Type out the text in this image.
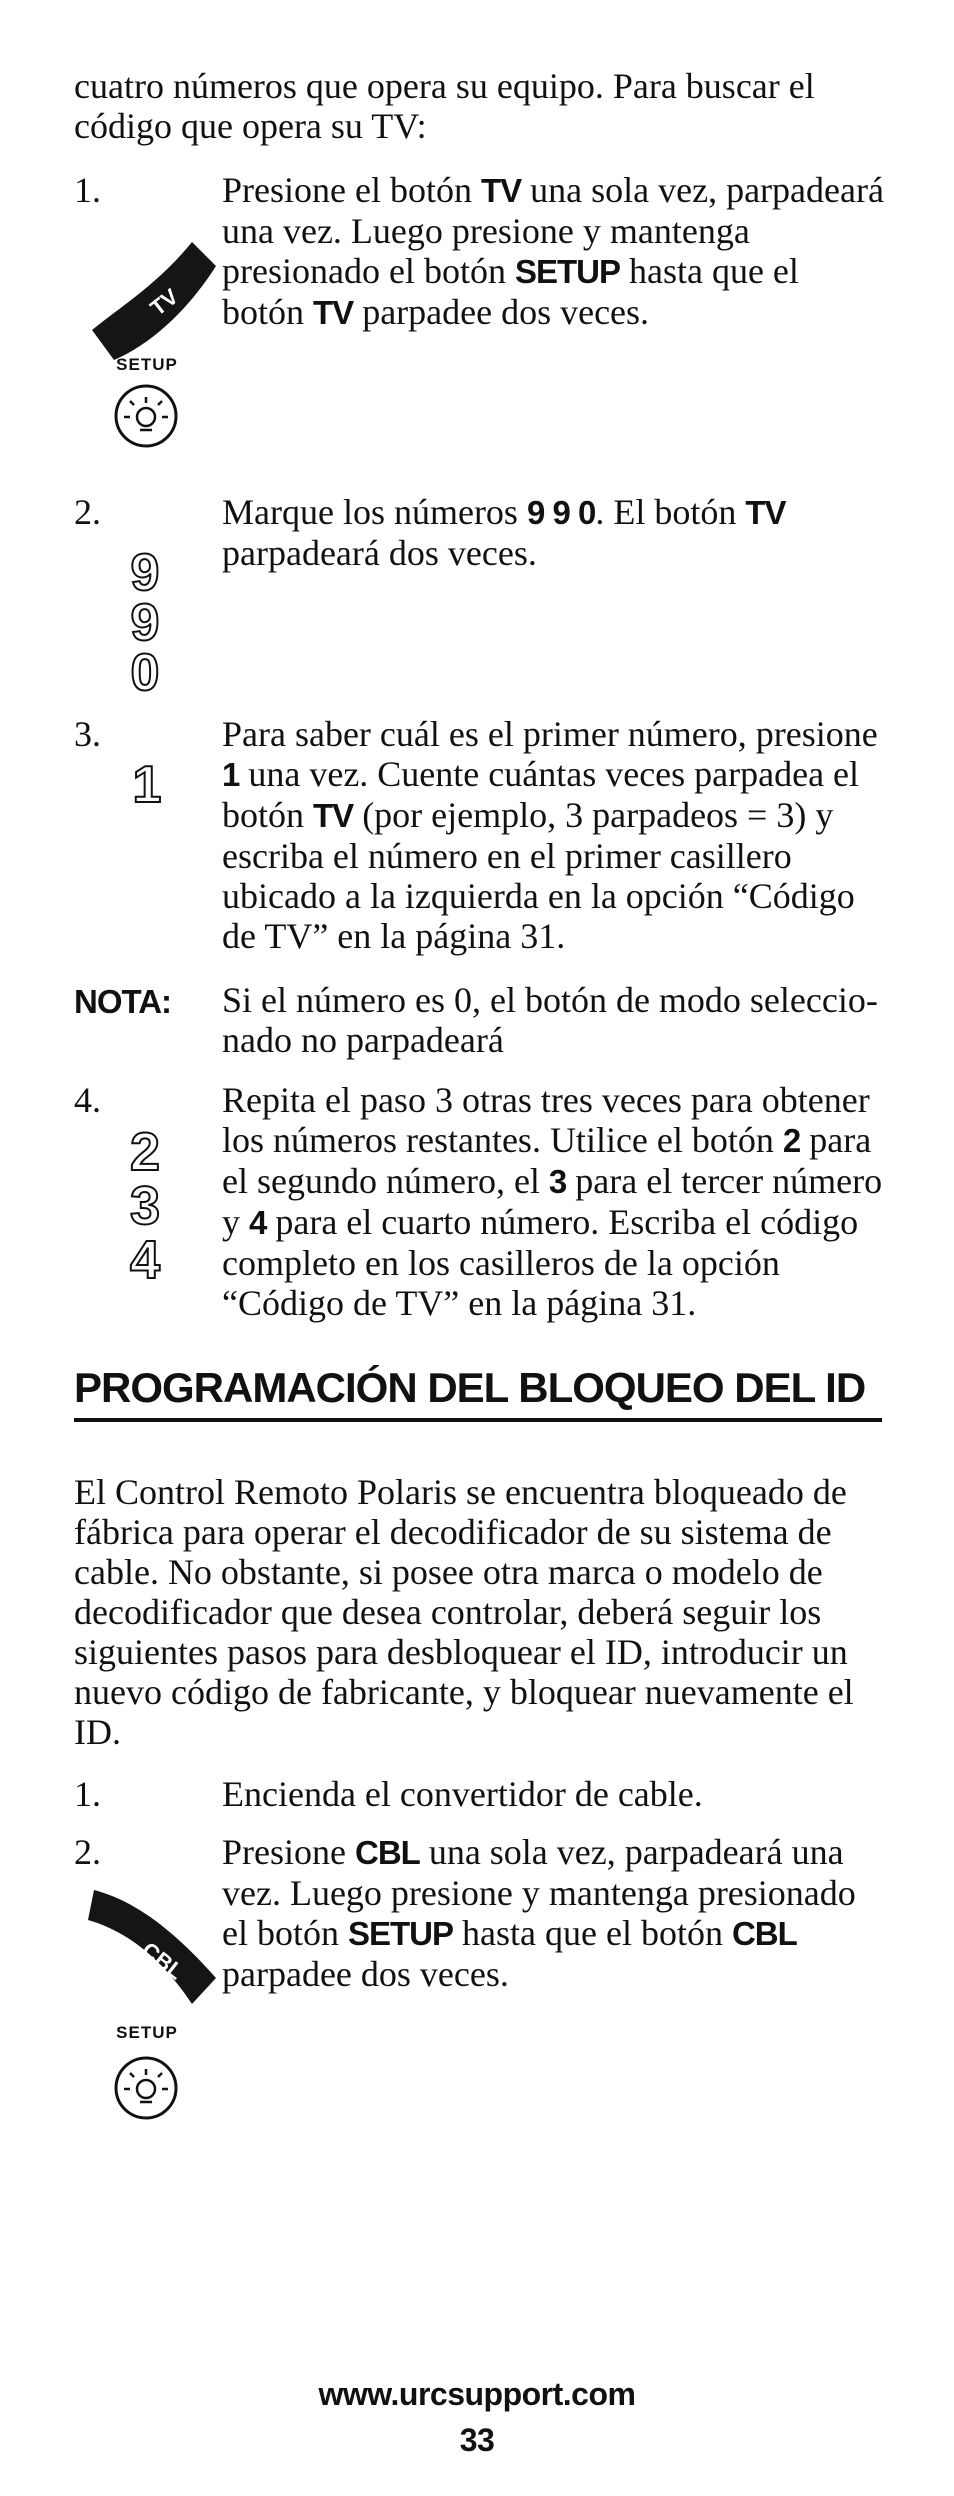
cuatro números que opera su equipo. Para buscar el código que opera su TV:

1.	Presione el botón TV una sola vez, parpadeará una vez. Luego presione y mantenga presionado el botón SETUP hasta que el botón TV parpadee dos veces.

2.	Marque los números 9 9 0. El botón TV parpadeará dos veces.

3.	Para saber cuál es el primer número, presione 1 una vez. Cuente cuántas veces parpadea el botón TV (por ejemplo, 3 parpadeos = 3) y escriba el número en el primer casillero ubicado a la izquierda en la opción “Código de TV” en la página 31.

NOTA: Si el número es 0, el botón de modo seleccio-nado no parpadeará

4.	Repita el paso 3 otras tres veces para obtener los números restantes. Utilice el botón 2 para el segundo número, el 3 para el tercer número y 4 para el cuarto número. Escriba el código completo en los casilleros de la opción “Código de TV” en la página 31.

PROGRAMACIÓN DEL BLOQUEO DEL ID

El Control Remoto Polaris se encuentra bloqueado de fábrica para operar el decodificador de su sistema de cable. No obstante, si posee otra marca o modelo de decodificador que desea controlar, deberá seguir los siguientes pasos para desbloquear el ID, introducir un nuevo código de fabricante, y bloquear nuevamente el ID.

1.	Encienda el convertidor de cable.

2.	Presione CBL una sola vez, parpadeará una vez. Luego presione y mantenga presionado el botón SETUP hasta que el botón CBL parpadee dos veces.

TV
SETUP
9
9
0
1
2
3
4
CBL
SETUP
www.urcsupport.com
33
